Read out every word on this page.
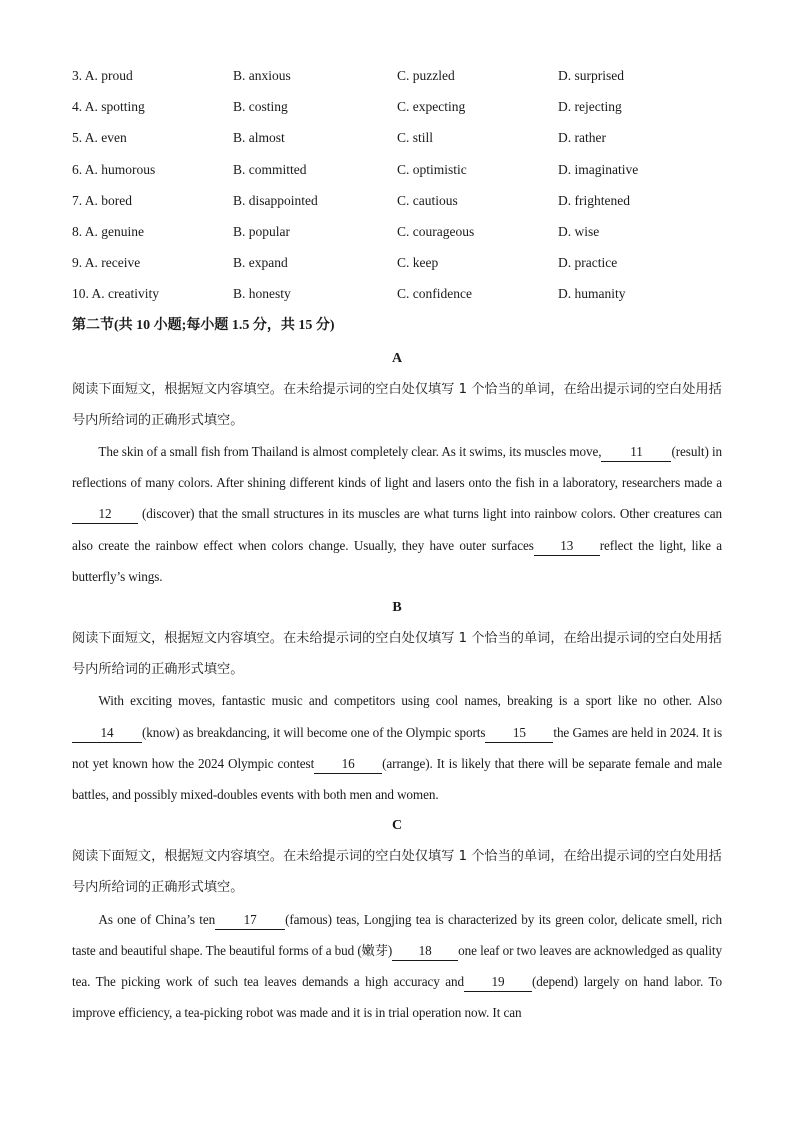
3. A. proud	B. anxious	C. puzzled	D. surprised
4. A. spotting	B. costing	C. expecting	D. rejecting
5. A. even	B. almost	C. still	D. rather
6. A. humorous	B. committed	C. optimistic	D. imaginative
7. A. bored	B. disappointed	C. cautious	D. frightened
8. A. genuine	B. popular	C. courageous	D. wise
9. A. receive	B. expand	C. keep	D. practice
10. A. creativity	B. honesty	C. confidence	D. humanity
第二节(共 10 小题;每小题 1.5 分，共 15 分)
A
阅读下面短文，根据短文内容填空。在未给提示词的空白处仅填写 1 个恰当的单词，在给出提示词的空白处用括号内所给词的正确形式填空。
The skin of a small fish from Thailand is almost completely clear. As it swims, its muscles move, 11 (result) in reflections of many colors. After shining different kinds of light and lasers onto the fish in a laboratory, researchers made a12 (discover) that the small structures in its muscles are what turns light into rainbow colors. Other creatures can also create the rainbow effect when colors change. Usually, they have outer surfaces 13 reflect the light, like a butterfly’s wings.
B
阅读下面短文，根据短文内容填空。在未给提示词的空白处仅填写 1 个恰当的单词，在给出提示词的空白处用括号内所给词的正确形式填空。
With exciting moves, fantastic music and competitors using cool names, breaking is a sport like no other. Also14 (know) as breakdancing, it will become one of the Olympic sports 15 the Games are held in 2024. It is not yet known how the 2024 Olympic contest 16 (arrange). It is likely that there will be separate female and male battles, and possibly mixed-doubles events with both men and women.
C
阅读下面短文，根据短文内容填空。在未给提示词的空白处仅填写 1 个恰当的单词，在给出提示词的空白处用括号内所给词的正确形式填空。
As one of China’s ten 17 (famous) teas, Longjing tea is characterized by its green color, delicate smell, rich taste and beautiful shape. The beautiful forms of a bud (嫩芽) 18 one leaf or two leaves are acknowledged as quality tea. The picking work of such tea leaves demands a high accuracy and 19 (depend) largely on hand labor. To improve efficiency, a tea-picking robot was made and it is in trial operation now. It can
